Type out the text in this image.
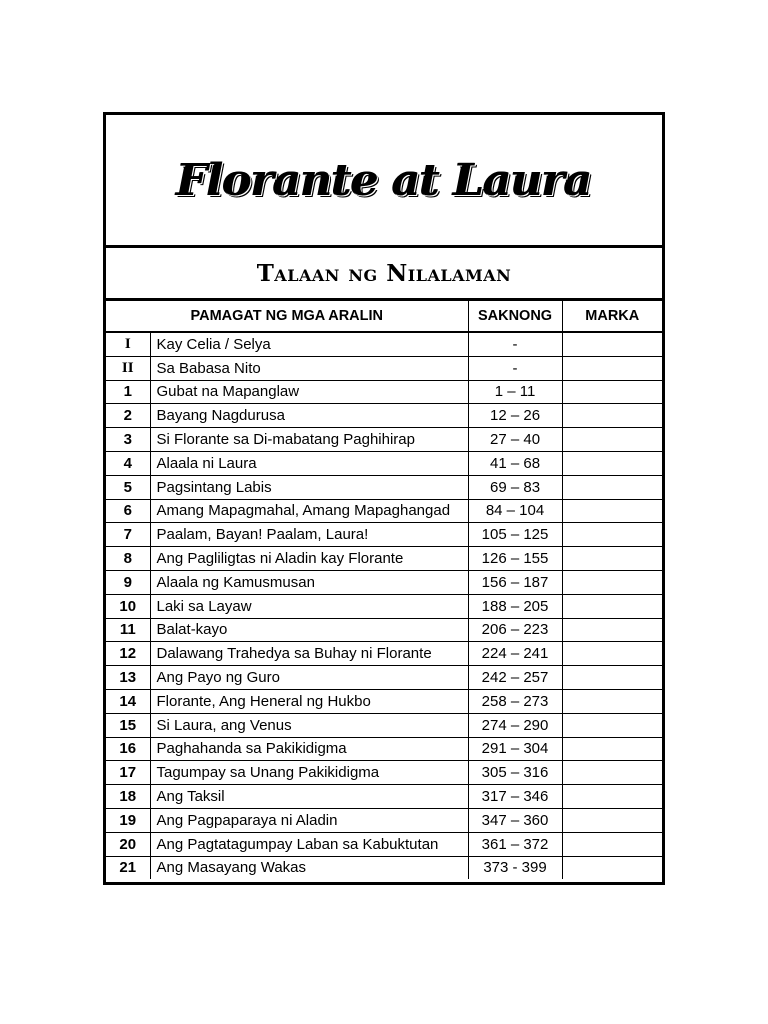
Florante at Laura
Talaan ng Nilalaman
PAMAGAT NG MGA ARALIN		SAKNONG	MARKA
I	Kay Celia / Selya	-	
II	Sa Babasa Nito	-	
1	Gubat na Mapanglaw	1 – 11	
2	Bayang Nagdurusa	12 – 26	
3	Si Florante sa Di-mabatang Paghihirap	27 – 40	
4	Alaala ni Laura	41 – 68	
5	Pagsintang Labis	69 – 83	
6	Amang Mapagmahal, Amang Mapaghangad	84 – 104	
7	Paalam, Bayan! Paalam, Laura!	105 – 125	
8	Ang Pagliligtas ni Aladin kay Florante	126 – 155	
9	Alaala ng Kamusmusan	156 – 187	
10	Laki sa Layaw	188 – 205	
11	Balat-kayo	206 – 223	
12	Dalawang Trahedya sa Buhay ni Florante	224 – 241	
13	Ang Payo ng Guro	242 – 257	
14	Florante, Ang Heneral ng Hukbo	258 – 273	
15	Si Laura, ang Venus	274 – 290	
16	Paghahanda sa Pakikidigma	291 – 304	
17	Tagumpay sa Unang Pakikidigma	305 – 316	
18	Ang Taksil	317 – 346	
19	Ang Pagpaparaya ni Aladin	347 – 360	
20	Ang Pagtatagumpay Laban sa Kabuktutan	361 – 372	
21	Ang Masayang Wakas	373 - 399	
